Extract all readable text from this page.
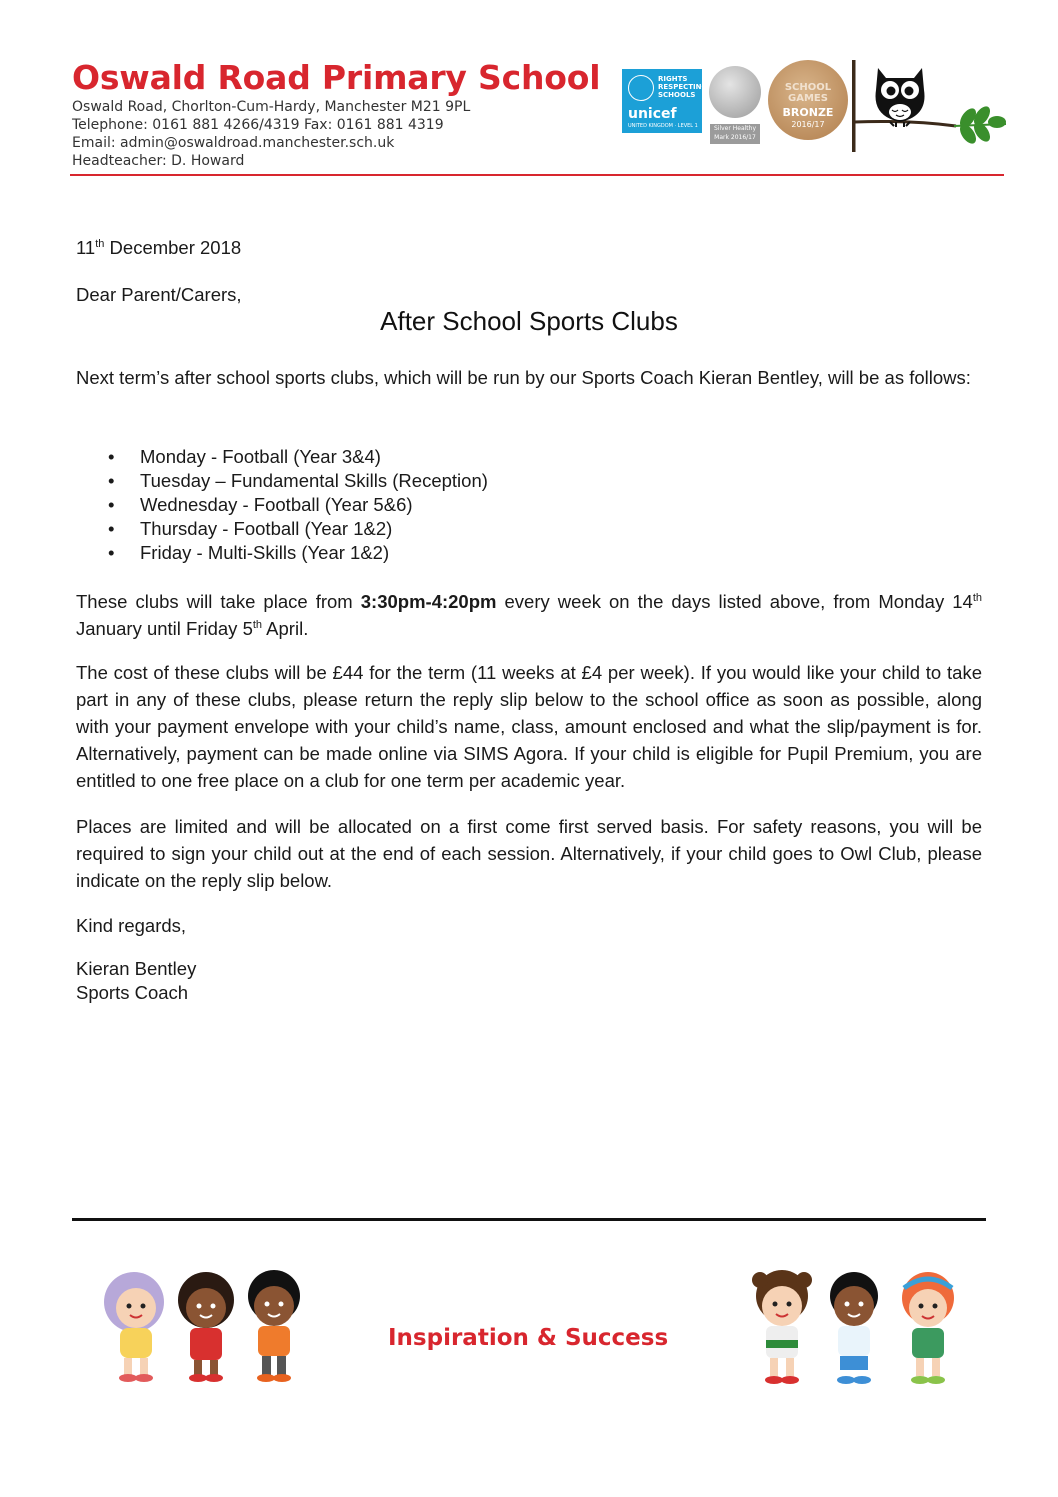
Oswald Road Primary School
Oswald Road, Chorlton-Cum-Hardy, Manchester M21 9PL
Telephone: 0161 881 4266/4319 Fax: 0161 881 4319
Email: admin@oswaldroad.manchester.sch.uk
Headteacher: D. Howard
RIGHTS RESPECTING SCHOOLS
unicef
UNITED KINGDOM · LEVEL 1	Silver Healthy Mark 2016/17
SCHOOL
GAMES
BRONZE
2016/17
11th December 2018
Dear Parent/Carers,
After School Sports Clubs

Next term’s after school sports clubs, which will be run by our Sports Coach Kieran Bentley, will be as follows:

• Monday - Football (Year 3&4)
• Tuesday – Fundamental Skills (Reception)
• Wednesday - Football (Year 5&6)
• Thursday - Football (Year 1&2)
• Friday - Multi-Skills (Year 1&2)

These clubs will take place from 3:30pm-4:20pm every week on the days listed above, from Monday 14th January until Friday 5th April.

The cost of these clubs will be £44 for the term (11 weeks at £4 per week). If you would like your child to take part in any of these clubs, please return the reply slip below to the school office as soon as possible, along with your payment envelope with your child’s name, class, amount enclosed and what the slip/payment is for. Alternatively, payment can be made online via SIMS Agora. If your child is eligible for Pupil Premium, you are entitled to one free place on a club for one term per academic year.

Places are limited and will be allocated on a first come first served basis. For safety reasons, you will be required to sign your child out at the end of each session. Alternatively, if your child goes to Owl Club, please indicate on the reply slip below.

Kind regards,
Kieran Bentley
Sports Coach
Inspiration & Success
